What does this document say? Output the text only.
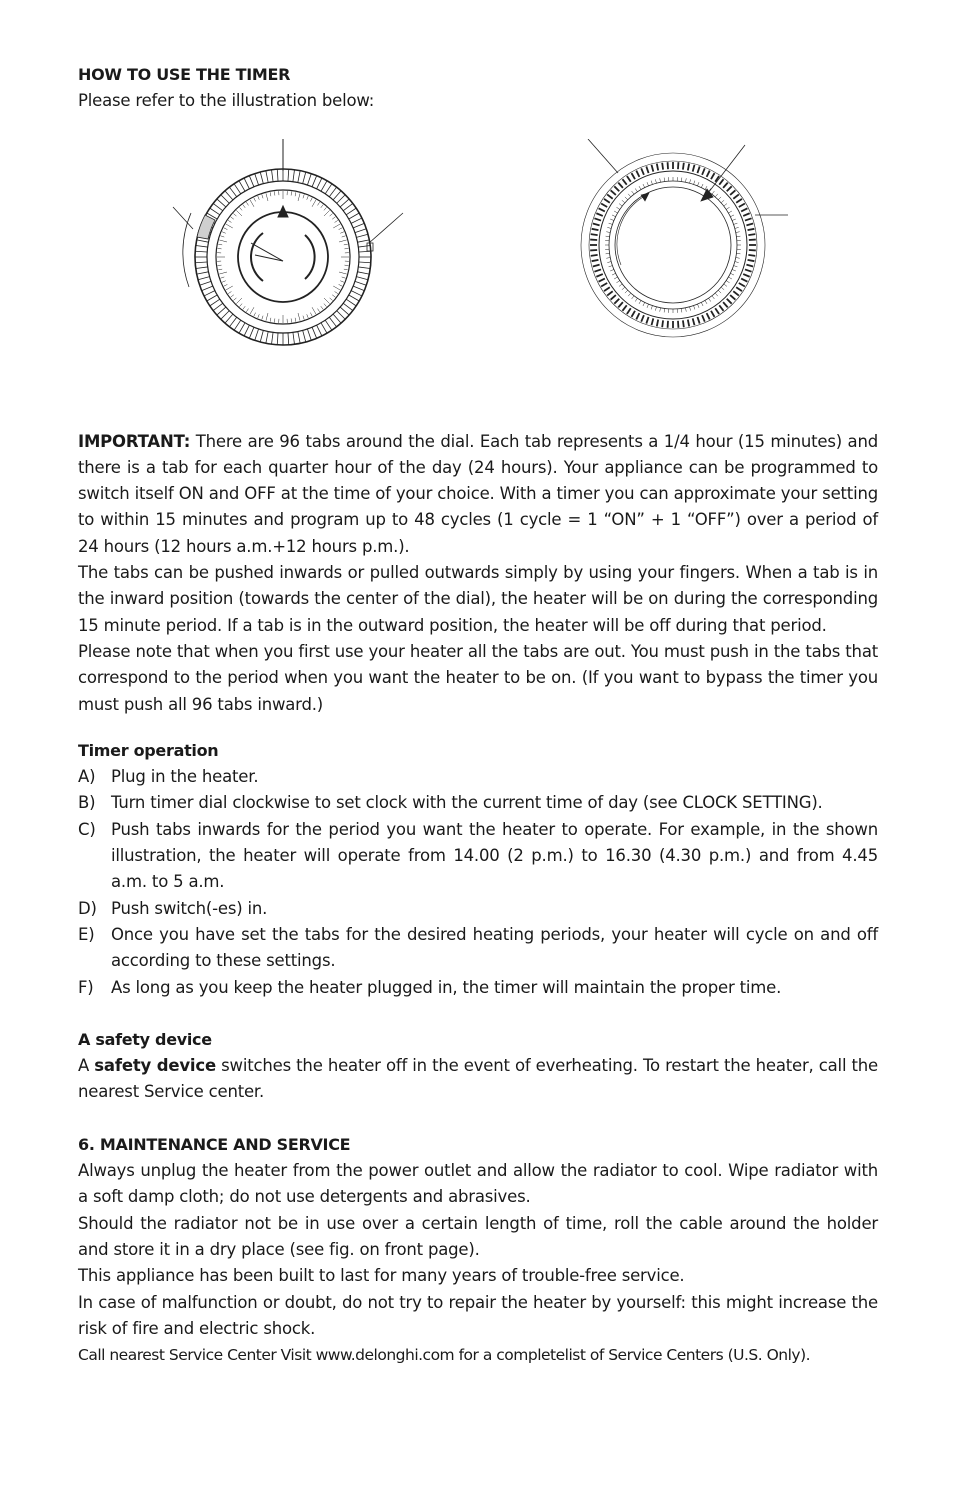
HOW TO USE THE TIMER

Please refer to the illustration below:

IMPORTANT: There are 96 tabs around the dial. Each tab represents a 1/4 hour (15 minutes) and there is a tab for each quarter hour of the day (24 hours). Your appliance can be programmed to switch itself ON and OFF at the time of your choice. With a timer you can approximate your setting to within 15 minutes and program up to 48 cycles (1 cycle = 1 “ON” + 1 “OFF”) over a period of 24 hours (12 hours a.m.+12 hours p.m.).

The tabs can be pushed inwards or pulled outwards simply by using your fingers. When a tab is in the inward position (towards the center of the dial), the heater will be on during the corresponding 15 minute period. If a tab is in the outward position, the heater will be off during that period.

Please note that when you first use your heater all the tabs are out. You must push in the tabs that correspond to the period when you want the heater to be on. (If you want to bypass the timer you must push all 96 tabs inward.)

Timer operation

A) Plug in the heater.
B) Turn timer dial clockwise to set clock with the current time of day (see CLOCK SETTING).
C) Push tabs inwards for the period you want the heater to operate. For example, in the shown illustration, the heater will operate from 14.00 (2 p.m.) to 16.30 (4.30 p.m.) and from 4.45 a.m. to 5 a.m.
D) Push switch(-es) in.
E)	Once you have set the tabs for the desired heating periods, your heater will cycle on and off according to these settings.
F)	As long as you keep the heater plugged in, the timer will maintain the proper time.

A safety device

A safety device switches the heater off in the event of everheating. To restart the heater, call the nearest Service center.

6. MAINTENANCE AND SERVICE

Always unplug the heater from the power outlet and allow the radiator to cool. Wipe radiator with a soft damp cloth; do not use detergents and abrasives.

Should the radiator not be in use over a certain length of time, roll the cable around the holder and store it in a dry place (see fig. on front page).

This appliance has been built to last for many years of trouble-free service.

In case of malfunction or doubt, do not try to repair the heater by yourself: this might increase the risk of fire and electric shock.

Call nearest Service Center Visit www.delonghi.com for a completelist of Service Centers (U.S. Only).
